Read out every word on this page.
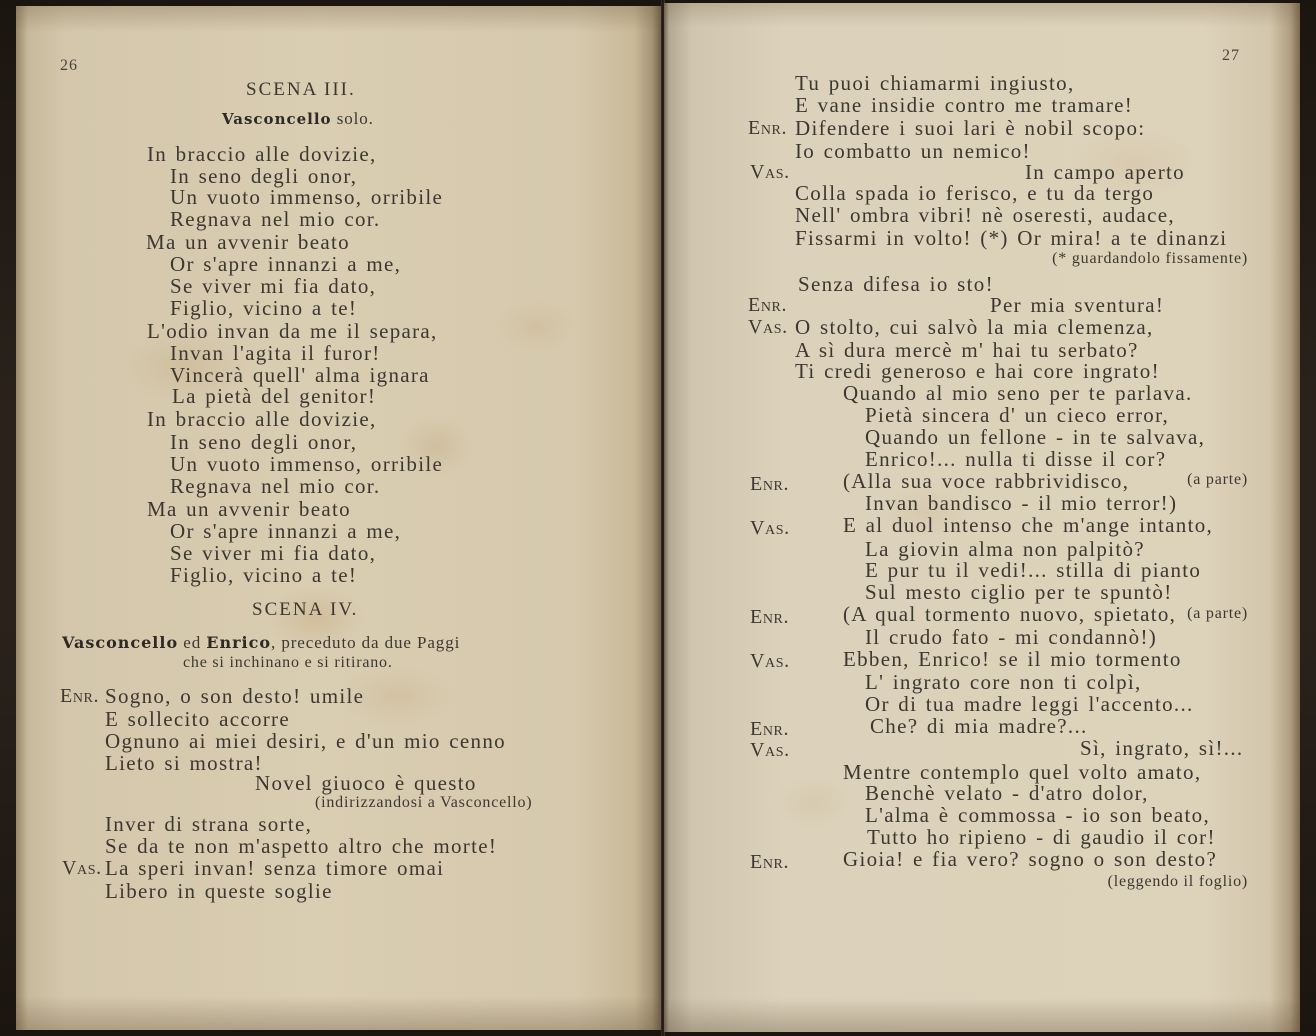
26
SCENA III.
Vasconcello solo.
In braccio alle dovizie,
In seno degli onor,
Un vuoto immenso, orribile
Regnava nel mio cor.
Ma un avvenir beato
Or s'apre innanzi a me,
Se viver mi fia dato,
Figlio, vicino a te!
L'odio invan da me il separa,
Invan l'agita il furor!
Vincerà quell' alma ignara
La pietà del genitor!
In braccio alle dovizie,
In seno degli onor,
Un vuoto immenso, orribile
Regnava nel mio cor.
Ma un avvenir beato
Or s'apre innanzi a me,
Se viver mi fia dato,
Figlio, vicino a te!
SCENA IV.
Vasconcello ed Enrico, preceduto da due Paggi
che si inchinano e si ritirano.
Enr. Sogno, o son desto! umile
E sollecito accorre
Ognuno ai miei desiri, e d'un mio cenno
Lieto si mostra!
Novel giuoco è questo
(indirizzandosi a Vasconcello)
Inver di strana sorte,
Se da te non m'aspetto altro che morte!
Vas. La speri invan! senza timore omai
Libero in queste soglie
27
Tu puoi chiamarmi ingiusto,
E vane insidie contro me tramare!
Enr. Difendere i suoi lari è nobil scopo:
Io combatto un nemico!
Vas.	In campo aperto
Colla spada io ferisco, e tu da tergo
Nell' ombra vibri! nè oseresti, audace,
Fissarmi in volto! (*) Or mira! a te dinanzi
(* guardandolo fissamente)
Senza difesa io sto!
Enr.	Per mia sventura!
Vas. O stolto, cui salvò la mia clemenza,
A sì dura mercè m' hai tu serbato?
Ti credi generoso e hai core ingrato!
Quando al mio seno per te parlava.
Pietà sincera d' un cieco error,
Quando un fellone - in te salvava,
Enrico!... nulla ti disse il cor?
Enr.	(Alla sua voce rabbrividisco,	(a parte)
Invan bandisco - il mio terror!)
Vas.	E al duol intenso che m'ange intanto,
La giovin alma non palpitò?
E pur tu il vedi!... stilla di pianto
Sul mesto ciglio per te spuntò!
Enr.	(A qual tormento nuovo, spietato, (a parte)
Il crudo fato - mi condannò!)
Vas.	Ebben, Enrico! se il mio tormento
L' ingrato core non ti colpì,
Or di tua madre leggi l'accento...
Enr.	Che? di mia madre?...
Vas.	Sì, ingrato, sì!...
Mentre contemplo quel volto amato,
Benchè velato - d'atro dolor,
L'alma è commossa - io son beato,
Tutto ho ripieno - di gaudio il cor!
Enr.	Gioia! e fia vero? sogno o son desto?
(leggendo il foglio)
